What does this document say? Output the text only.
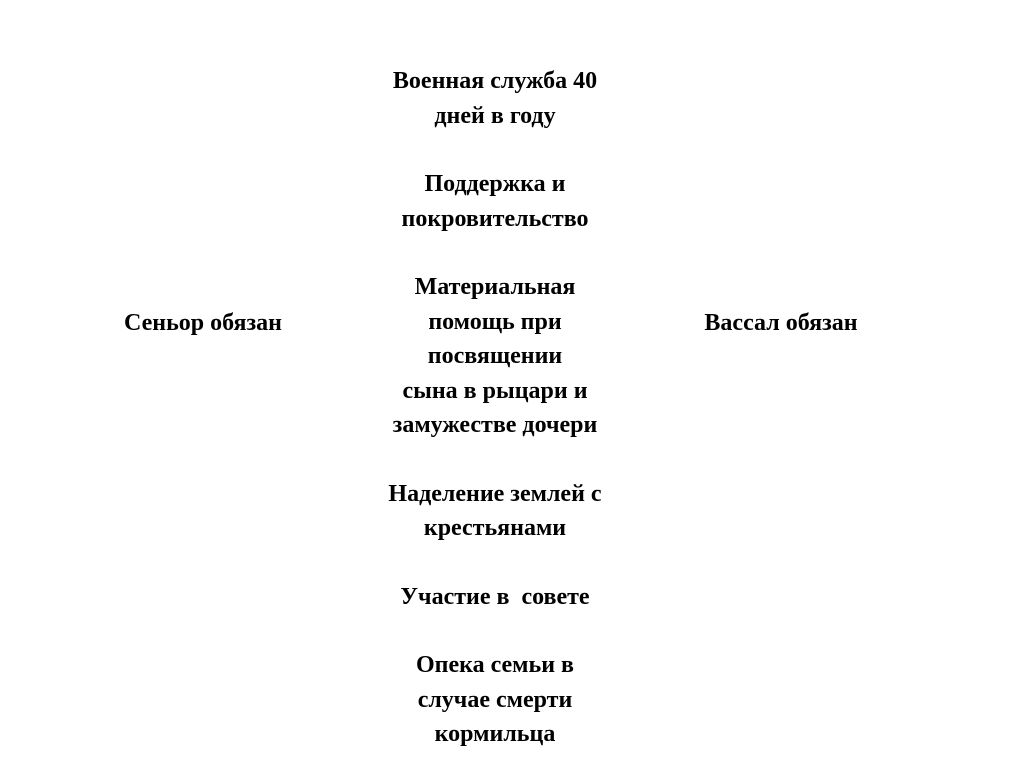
Сеньор обязан	Вассал обязан
Военная служба 40
дней в году
Поддержка и
покровительство
Материальная
помощь при
посвящении
сына в рыцари и
замужестве дочери
Наделение землей с
крестьянами
Участие в  совете
Опека семьи в
случае смерти
кормильца
